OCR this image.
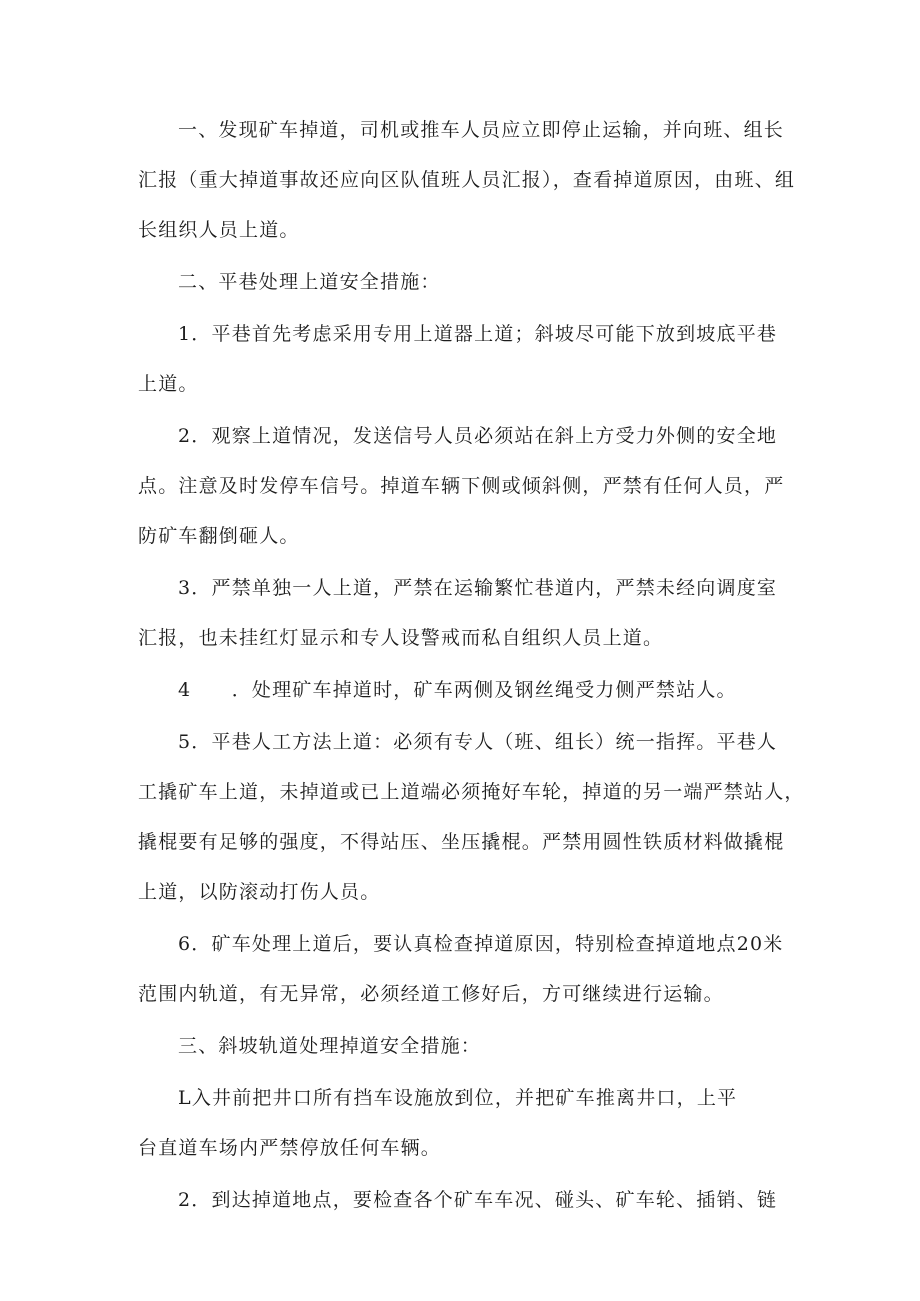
一、发现矿车掉道，司机或推车人员应立即停止运输，并向班、组长
汇报（重大掉道事故还应向区队值班人员汇报），查看掉道原因，由班、组
长组织人员上道。
二、平巷处理上道安全措施：
1．平巷首先考虑采用专用上道器上道；斜坡尽可能下放到坡底平巷
上道。
2．观察上道情况，发送信号人员必须站在斜上方受力外侧的安全地
点。注意及时发停车信号。掉道车辆下侧或倾斜侧，严禁有任何人员，严
防矿车翻倒砸人。
3．严禁单独一人上道，严禁在运输繁忙巷道内，严禁未经向调度室
汇报，也未挂红灯显示和专人设警戒而私自组织人员上道。
4　　．处理矿车掉道时，矿车两侧及钢丝绳受力侧严禁站人。
5．平巷人工方法上道：必须有专人（班、组长）统一指挥。平巷人
工撬矿车上道，未掉道或已上道端必须掩好车轮，掉道的另一端严禁站人，
撬棍要有足够的强度，不得站压、坐压撬棍。严禁用圆性铁质材料做撬棍
上道，以防滚动打伤人员。
6．矿车处理上道后，要认真检查掉道原因，特别检查掉道地点20米
范围内轨道，有无异常，必须经道工修好后，方可继续进行运输。
三、斜坡轨道处理掉道安全措施：
L入井前把井口所有挡车设施放到位，并把矿车推离井口，上平
台直道车场内严禁停放任何车辆。
2．到达掉道地点，要检查各个矿车车况、碰头、矿车轮、插销、链
